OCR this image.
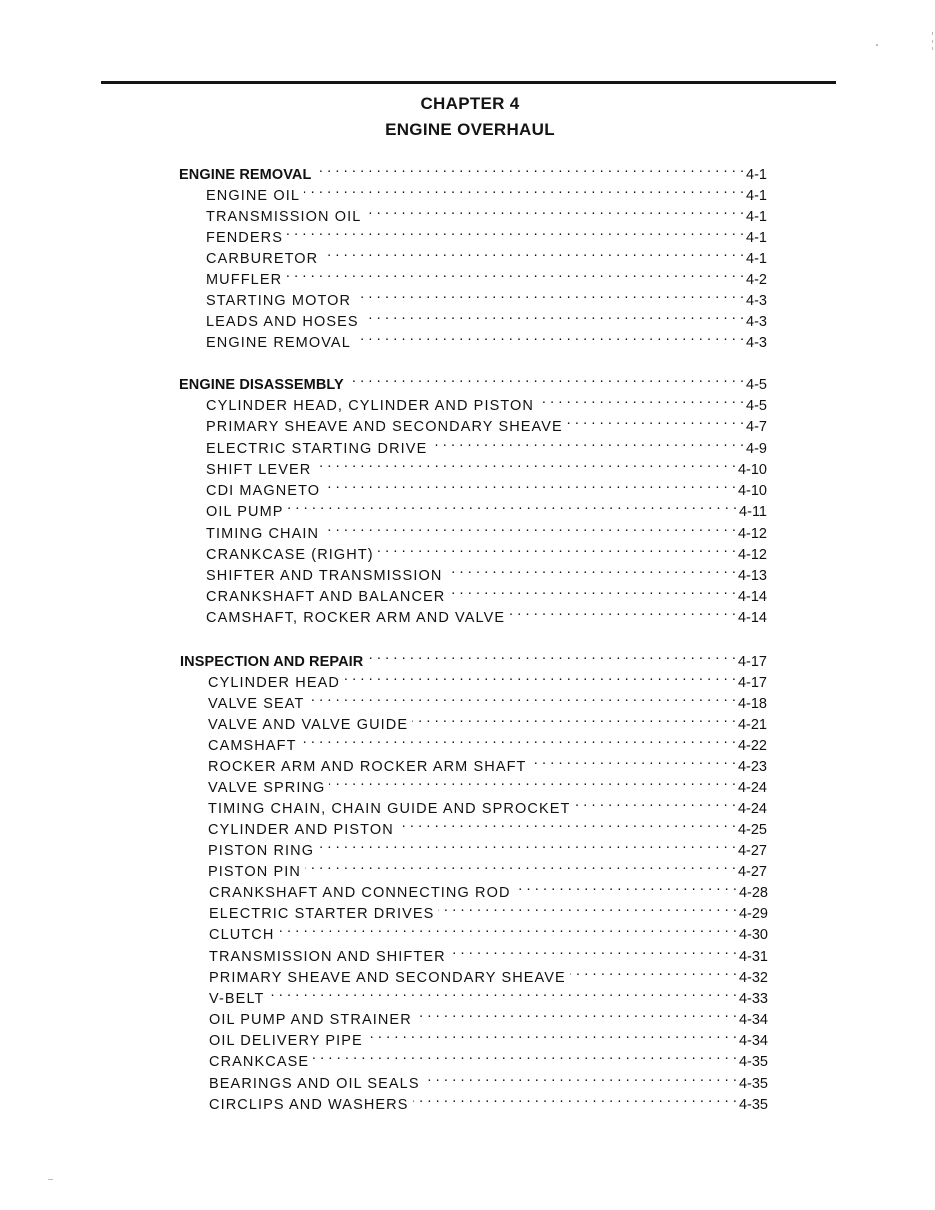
CHAPTER 4
ENGINE OVERHAUL
ENGINE REMOVAL . . .	4-1
ENGINE OIL . . .	4-1
TRANSMISSION OIL . . .	4-1
FENDERS . . .	4-1
CARBURETOR . . .	4-1
MUFFLER . . .	4-2
STARTING MOTOR . . .	4-3
LEADS AND HOSES . . .	4-3
ENGINE REMOVAL . . .	4-3
ENGINE DISASSEMBLY . . .	4-5
CYLINDER HEAD, CYLINDER AND PISTON . . .	4-5
PRIMARY SHEAVE AND SECONDARY SHEAVE . . .	4-7
ELECTRIC STARTING DRIVE . . .	4-9
SHIFT LEVER . . .	4-10
CDI MAGNETO . . .	4-10
OIL PUMP . . .	4-11
TIMING CHAIN . . .	4-12
CRANKCASE (RIGHT) . . .	4-12
SHIFTER AND TRANSMISSION . . .	4-13
CRANKSHAFT AND BALANCER . . .	4-14
CAMSHAFT, ROCKER ARM AND VALVE . . .	4-14
INSPECTION AND REPAIR . . .	4-17
CYLINDER HEAD . . .	4-17
VALVE SEAT . . .	4-18
VALVE AND VALVE GUIDE . . .	4-21
CAMSHAFT . . .	4-22
ROCKER ARM AND ROCKER ARM SHAFT . . .	4-23
VALVE SPRING . . .	4-24
TIMING CHAIN, CHAIN GUIDE AND SPROCKET . . .	4-24
CYLINDER AND PISTON . . .	4-25
PISTON RING . . .	4-27
PISTON PIN . . .	4-27
CRANKSHAFT AND CONNECTING ROD . . .	4-28
ELECTRIC STARTER DRIVES . . .	4-29
CLUTCH . . .	4-30
TRANSMISSION AND SHIFTER . . .	4-31
PRIMARY SHEAVE AND SECONDARY SHEAVE . . .	4-32
V-BELT . . .	4-33
OIL PUMP AND STRAINER . . .	4-34
OIL DELIVERY PIPE . . .	4-34
CRANKCASE . . .	4-35
BEARINGS AND OIL SEALS . . .	4-35
CIRCLIPS AND WASHERS . . .	4-35
